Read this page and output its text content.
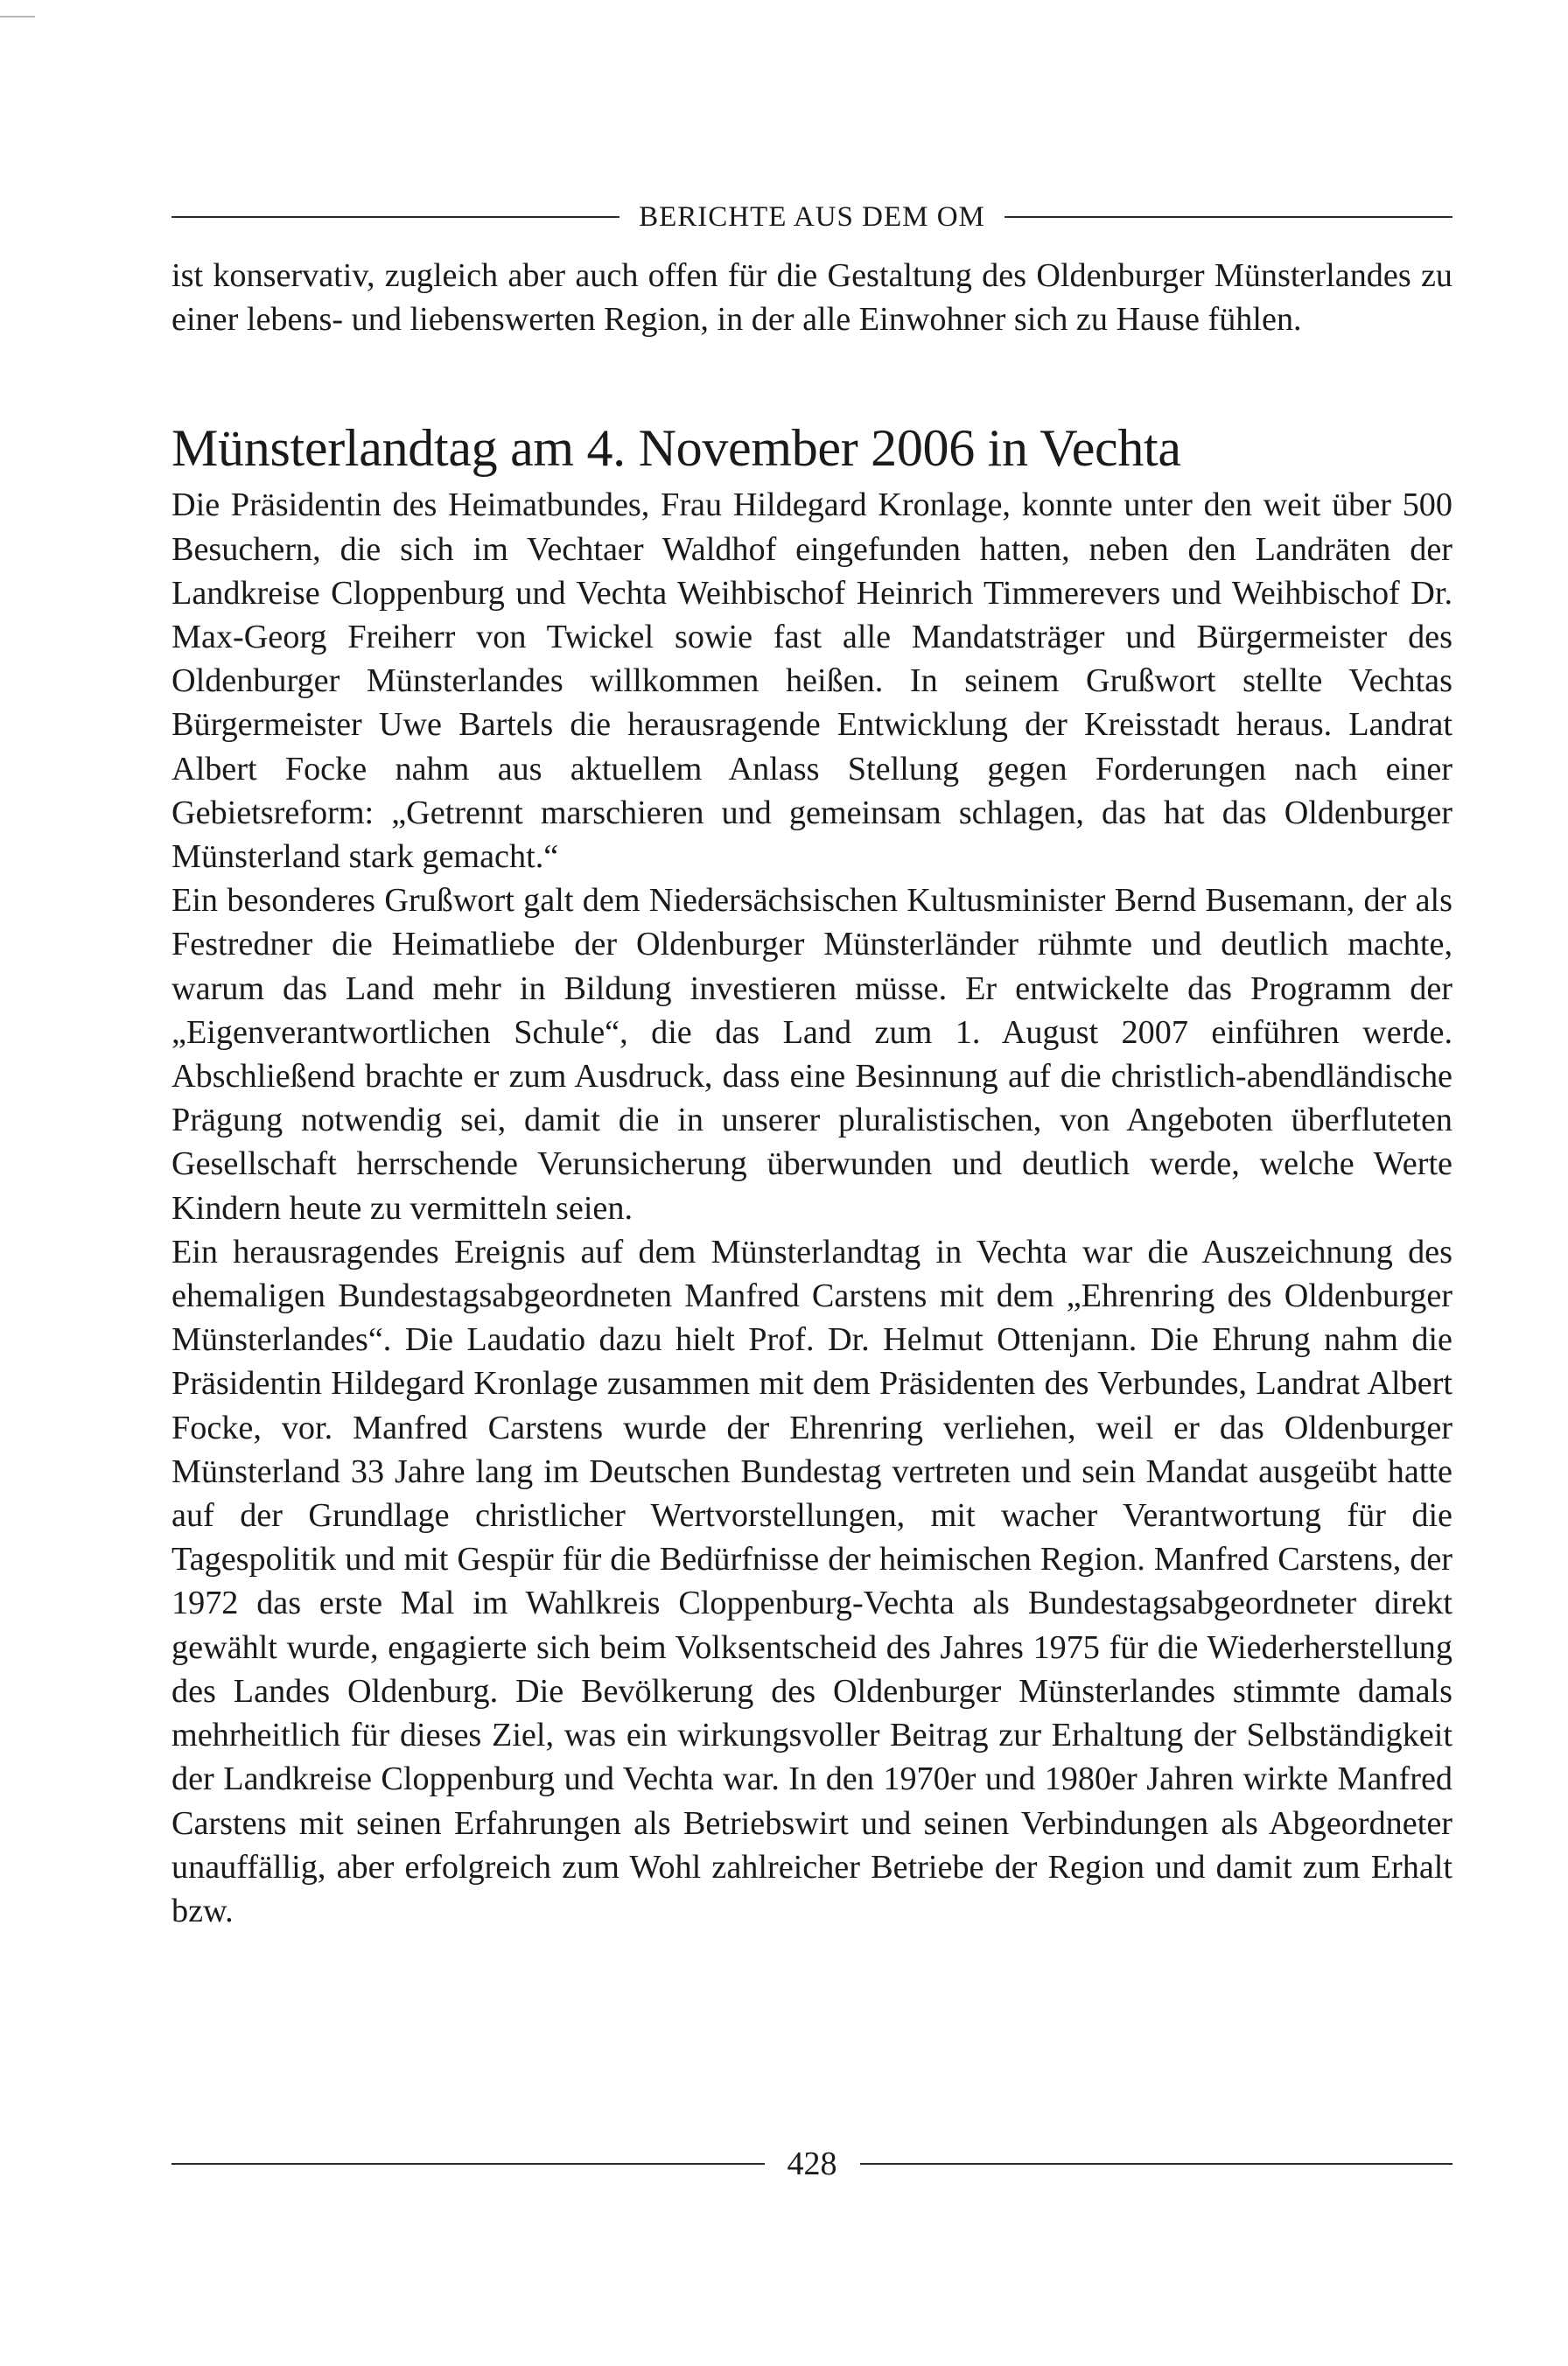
BERICHTE AUS DEM OM

ist konservativ, zugleich aber auch offen für die Gestaltung des Oldenburger Münsterlandes zu einer lebens- und liebenswerten Region, in der alle Einwohner sich zu Hause fühlen.

Münsterlandtag am 4. November 2006 in Vechta

Die Präsidentin des Heimatbundes, Frau Hildegard Kronlage, konnte unter den weit über 500 Besuchern, die sich im Vechtaer Waldhof eingefunden hatten, neben den Landräten der Landkreise Cloppenburg und Vechta Weihbischof Heinrich Timmerevers und Weihbischof Dr. Max-Georg Freiherr von Twickel sowie fast alle Mandatsträger und Bürgermeister des Oldenburger Münsterlandes willkommen heißen. In seinem Grußwort stellte Vechtas Bürgermeister Uwe Bartels die herausragende Entwicklung der Kreisstadt heraus. Landrat Albert Focke nahm aus aktuellem Anlass Stellung gegen Forderungen nach einer Gebietsreform: „Getrennt marschieren und gemeinsam schlagen, das hat das Oldenburger Münsterland stark gemacht.“

Ein besonderes Grußwort galt dem Niedersächsischen Kultusminister Bernd Busemann, der als Festredner die Heimatliebe der Oldenburger Münsterländer rühmte und deutlich machte, warum das Land mehr in Bildung investieren müsse. Er entwickelte das Programm der „Eigenverantwortlichen Schule“, die das Land zum 1. August 2007 einführen werde. Abschließend brachte er zum Ausdruck, dass eine Besinnung auf die christlich-abendländische Prägung notwendig sei, damit die in unserer pluralistischen, von Angeboten überfluteten Gesellschaft herrschende Verunsicherung überwunden und deutlich werde, welche Werte Kindern heute zu vermitteln seien.

Ein herausragendes Ereignis auf dem Münsterlandtag in Vechta war die Auszeichnung des ehemaligen Bundestagsabgeordneten Manfred Carstens mit dem „Ehrenring des Oldenburger Münsterlandes“. Die Laudatio dazu hielt Prof. Dr. Helmut Ottenjann. Die Ehrung nahm die Präsidentin Hildegard Kronlage zusammen mit dem Präsidenten des Verbundes, Landrat Albert Focke, vor. Manfred Carstens wurde der Ehrenring verliehen, weil er das Oldenburger Münsterland 33 Jahre lang im Deutschen Bundestag vertreten und sein Mandat ausgeübt hatte auf der Grundlage christlicher Wertvorstellungen, mit wacher Verantwortung für die Tagespolitik und mit Gespür für die Bedürfnisse der heimischen Region. Manfred Carstens, der 1972 das erste Mal im Wahlkreis Cloppenburg-Vechta als Bundestagsabgeordneter direkt gewählt wurde, engagierte sich beim Volksentscheid des Jahres 1975 für die Wiederherstellung des Landes Oldenburg. Die Bevölkerung des Oldenburger Münsterlandes stimmte damals mehrheitlich für dieses Ziel, was ein wirkungsvoller Beitrag zur Erhaltung der Selbständigkeit der Landkreise Cloppenburg und Vechta war. In den 1970er und 1980er Jahren wirkte Manfred Carstens mit seinen Erfahrungen als Betriebswirt und seinen Verbindungen als Abgeordneter unauffällig, aber erfolgreich zum Wohl zahlreicher Betriebe der Region und damit zum Erhalt bzw.

428
